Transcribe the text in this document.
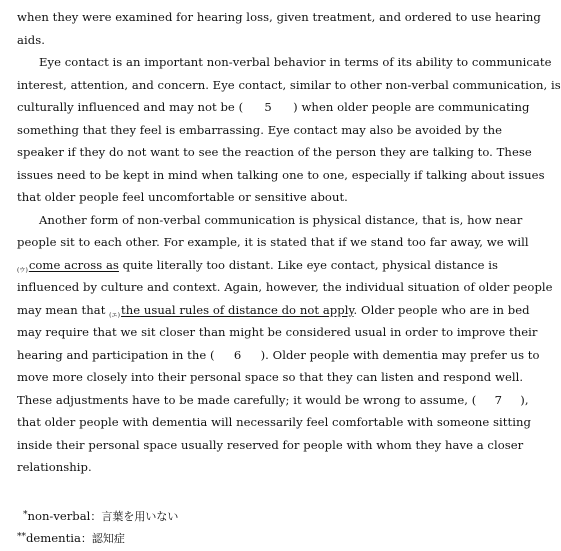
when they were examined for hearing loss, given treatment, and ordered to use hearing
aids.
Eye contact is an important non-verbal behavior in terms of its ability to communicate
interest, attention, and concern. Eye contact, similar to other non-verbal communication, is
culturally influenced and may not be ( 5 ) when older people are communicating
something that they feel is embarrassing. Eye contact may also be avoided by the
speaker if they do not want to see the reaction of the person they are talking to. These
issues need to be kept in mind when talking one to one, especially if talking about issues
that older people feel uncomfortable or sensitive about.
Another form of non-verbal communication is physical distance, that is, how near
people sit to each other. For example, it is stated that if we stand too far away, we will
$_{(ウ)}$come across as quite literally too distant. Like eye contact, physical distance is
influenced by culture and context. Again, however, the individual situation of older people
may mean that $_{(エ)}$the usual rules of distance do not apply. Older people who are in bed
may require that we sit closer than might be considered usual in order to improve their
hearing and participation in the ( 6 ). Older people with dementia may prefer us to
move more closely into their personal space so that they can listen and respond well.
These adjustments have to be made carefully; it would be wrong to assume, ( 7 ),
that older people with dementia will necessarily feel comfortable with someone sitting
inside their personal space usually reserved for people with whom they have a closer
relationship.
*non-verbal：言葉を用いない
**dementia：認知症
